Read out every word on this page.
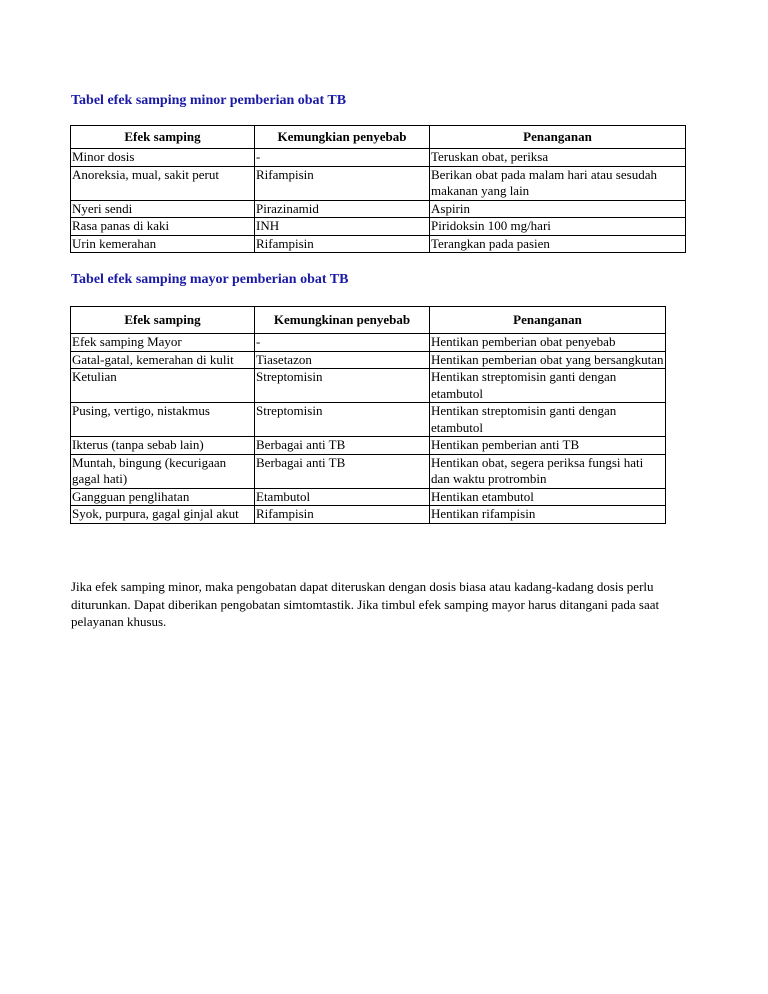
Tabel efek samping minor pemberian obat TB

Efek samping	Kemungkian penyebab	Penanganan
Minor dosis	-	Teruskan obat, periksa
Anoreksia, mual, sakit perut	Rifampisin	Berikan obat pada malam hari atau sesudah makanan yang lain
Nyeri sendi	Pirazinamid	Aspirin
Rasa panas di kaki	INH	Piridoksin 100 mg/hari
Urin kemerahan	Rifampisin	Terangkan pada pasien

Tabel efek samping mayor pemberian obat TB

Efek samping	Kemungkinan penyebab	Penanganan
Efek samping Mayor	-	Hentikan pemberian obat penyebab
Gatal-gatal, kemerahan di kulit	Tiasetazon	Hentikan pemberian obat yang bersangkutan
Ketulian	Streptomisin	Hentikan streptomisin ganti dengan etambutol
Pusing, vertigo, nistakmus	Streptomisin	Hentikan streptomisin ganti dengan etambutol
Ikterus (tanpa sebab lain)	Berbagai anti TB	Hentikan pemberian anti TB
Muntah, bingung (kecurigaan gagal hati)	Berbagai anti TB	Hentikan obat, segera periksa fungsi hati dan waktu protrombin
Gangguan penglihatan	Etambutol	Hentikan etambutol
Syok, purpura, gagal ginjal akut	Rifampisin	Hentikan rifampisin

Jika efek samping minor, maka pengobatan dapat diteruskan dengan dosis biasa atau kadang-kadang dosis perlu diturunkan. Dapat diberikan pengobatan simtomtastik. Jika timbul efek samping mayor harus ditangani pada saat pelayanan khusus.
